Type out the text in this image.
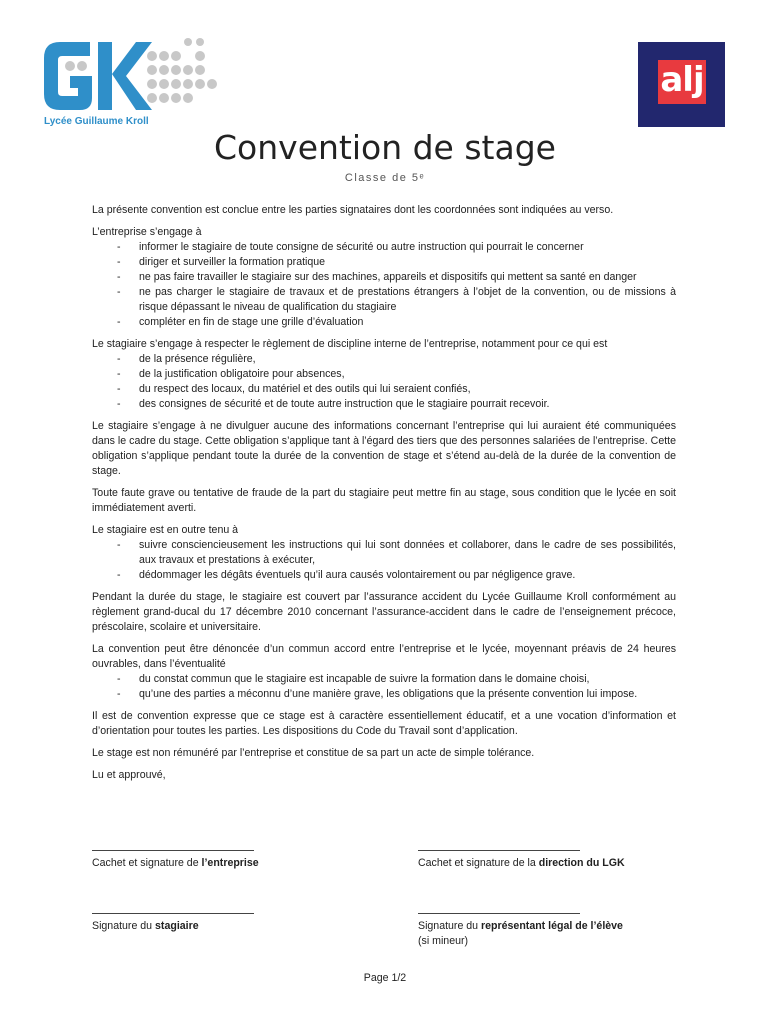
Lycée Guillaume Kroll
alj
Convention de stage
Classe de 5ᵉ

La présente convention est conclue entre les parties signataires dont les coordonnées sont indiquées au verso.

L’entreprise s’engage à

- informer le stagiaire de toute consigne de sécurité ou autre instruction qui pourrait le concerner
- diriger et surveiller la formation pratique
- ne pas faire travailler le stagiaire sur des machines, appareils et dispositifs qui mettent sa santé en danger
- ne pas charger le stagiaire de travaux et de prestations étrangers à l’objet de la convention, ou de missions à risque dépassant le niveau de qualification du stagiaire
- compléter en fin de stage une grille d’évaluation

Le stagiaire s’engage à respecter le règlement de discipline interne de l’entreprise, notamment pour ce qui est

- de la présence régulière,
- de la justification obligatoire pour absences,
- du respect des locaux, du matériel et des outils qui lui seraient confiés,
- des consignes de sécurité et de toute autre instruction que le stagiaire pourrait recevoir.

Le stagiaire s’engage à ne divulguer aucune des informations concernant l’entreprise qui lui auraient été communiquées dans le cadre du stage. Cette obligation s’applique tant à l’égard des tiers que des personnes salariées de l’entreprise. Cette obligation s’applique pendant toute la durée de la convention de stage et s’étend au-delà de la durée de la convention de stage.

Toute faute grave ou tentative de fraude de la part du stagiaire peut mettre fin au stage, sous condition que le lycée en soit immédiatement averti.

Le stagiaire est en outre tenu à

- suivre consciencieusement les instructions qui lui sont données et collaborer, dans le cadre de ses possibilités, aux travaux et prestations à exécuter,
- dédommager les dégâts éventuels qu’il aura causés volontairement ou par négligence grave.

Pendant la durée du stage, le stagiaire est couvert par l’assurance accident du Lycée Guillaume Kroll conformément au règlement grand-ducal du 17 décembre 2010 concernant l’assurance-accident dans le cadre de l’enseignement précoce, préscolaire, scolaire et universitaire.

La convention peut être dénoncée d’un commun accord entre l’entreprise et le lycée, moyennant préavis de 24 heures ouvrables, dans l’éventualité

- du constat commun que le stagiaire est incapable de suivre la formation dans le domaine choisi,
- qu’une des parties a méconnu d’une manière grave, les obligations que la présente convention lui impose.

Il est de convention expresse que ce stage est à caractère essentiellement éducatif, et a une vocation d’information et d’orientation pour toutes les parties. Les dispositions du Code du Travail sont d’application.

Le stage est non rémunéré par l’entreprise et constitue de sa part un acte de simple tolérance.

Lu et approuvé,

Cachet et signature de l’entreprise	Cachet et signature de la direction du LGK
Signature du stagiaire	Signature du représentant légal de l’élève
(si mineur)
Page 1/2
